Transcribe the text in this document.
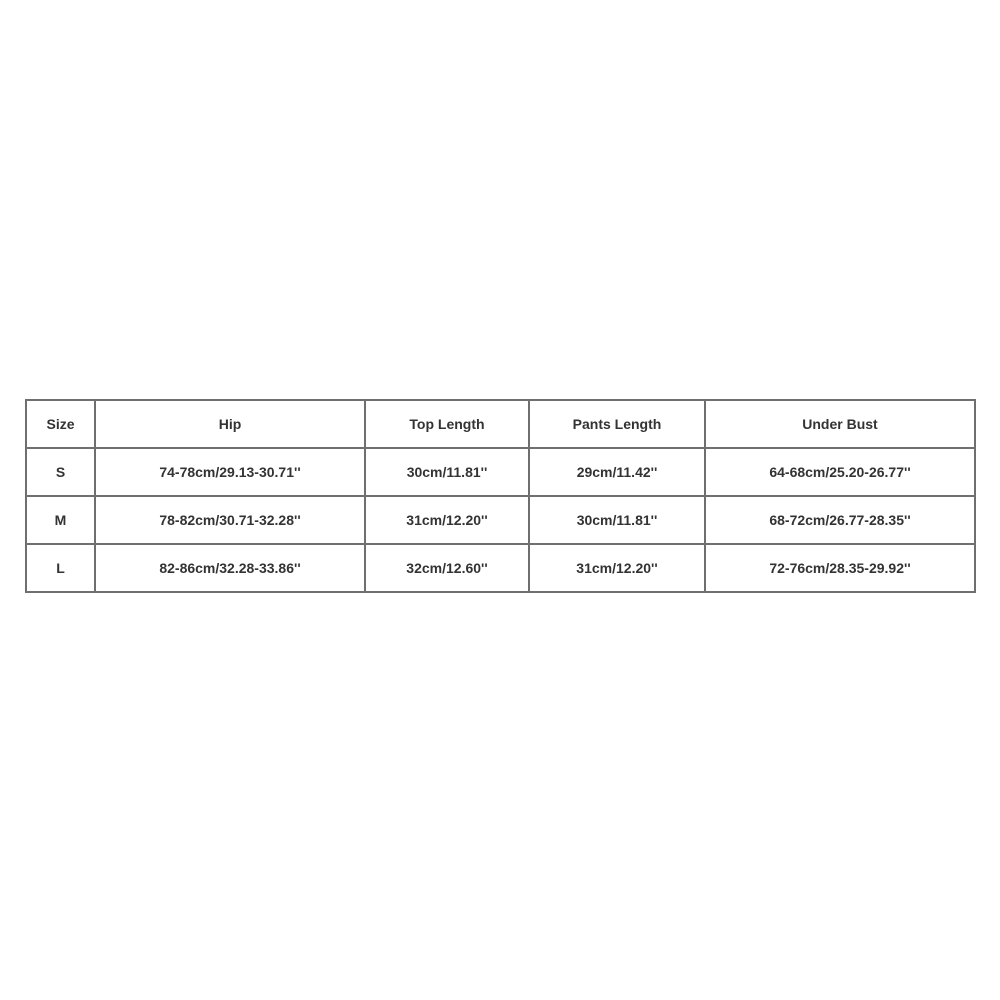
Size	Hip	Top Length	Pants Length	Under Bust
S	74-78cm/29.13-30.71''	30cm/11.81''	29cm/11.42''	64-68cm/25.20-26.77''
M	78-82cm/30.71-32.28''	31cm/12.20''	30cm/11.81''	68-72cm/26.77-28.35''
L	82-86cm/32.28-33.86''	32cm/12.60''	31cm/12.20''	72-76cm/28.35-29.92''
